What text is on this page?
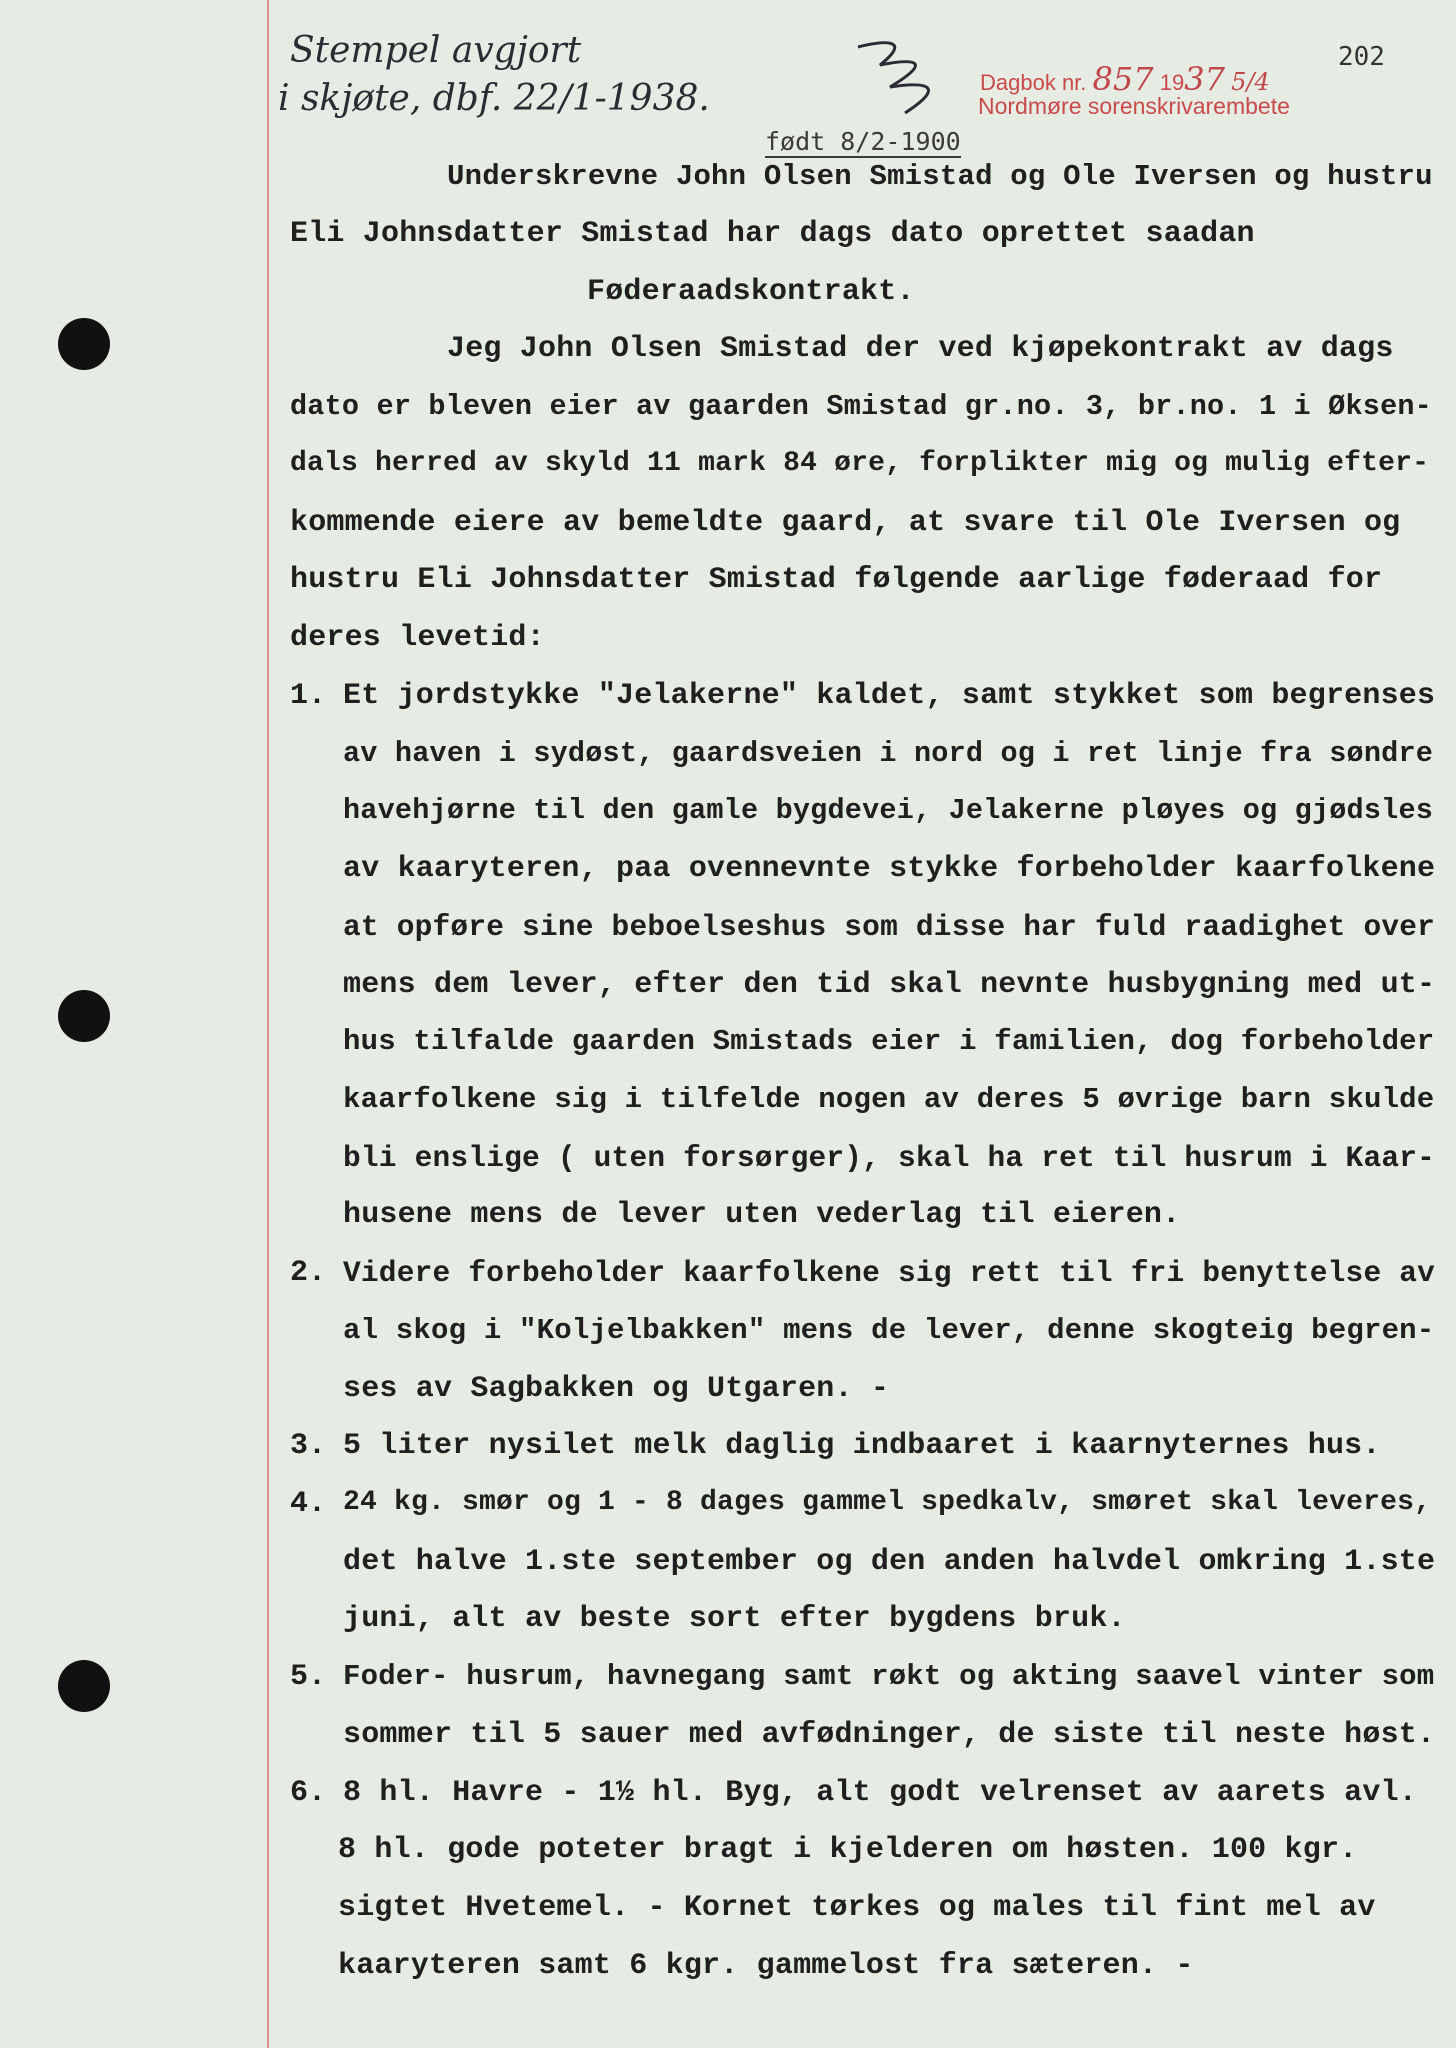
Stempel avgjort
i skjøte, dbf. 22/1-1938.	Dagbok nr. 857 1937 5/4
Nordmøre sorenskrivarembete
202
født 8/2-1900
Underskrevne John Olsen Smistad og Ole Iversen og hustru
Eli Johnsdatter Smistad har dags dato oprettet saadan
Føderaadskontrakt.
Jeg John Olsen Smistad der ved kjøpekontrakt av dags
dato er bleven eier av gaarden Smistad gr.no. 3, br.no. 1 i Øksen-
dals herred av skyld 11 mark 84 øre, forplikter mig og mulig efter-
kommende eiere av bemeldte gaard, at svare til Ole Iversen og
hustru Eli Johnsdatter Smistad følgende aarlige føderaad for
deres levetid:
1. Et jordstykke "Jelakerne" kaldet, samt stykket som begrenses
av haven i sydøst, gaardsveien i nord og i ret linje fra søndre
havehjørne til den gamle bygdevei, Jelakerne pløyes og gjødsles
av kaaryteren, paa ovennevnte stykke forbeholder kaarfolkene
at opføre sine beboelseshus som disse har fuld raadighet over
mens dem lever, efter den tid skal nevnte husbygning med ut-
hus tilfalde gaarden Smistads eier i familien, dog forbeholder
kaarfolkene sig i tilfelde nogen av deres 5 øvrige barn skulde
bli enslige ( uten forsørger), skal ha ret til husrum i Kaar-
husene mens de lever uten vederlag til eieren.
2. Videre forbeholder kaarfolkene sig rett til fri benyttelse av
al skog i "Koljelbakken" mens de lever, denne skogteig begren-
ses av Sagbakken og Utgaren. -
3. 5 liter nysilet melk daglig indbaaret i kaarnyternes hus.
4. 24 kg. smør og 1 - 8 dages gammel spedkalv, smøret skal leveres,
det halve 1.ste september og den anden halvdel omkring 1.ste
juni, alt av beste sort efter bygdens bruk.
5. Foder- husrum, havnegang samt røkt og akting saavel vinter som
sommer til 5 sauer med avfødninger, de siste til neste høst.
6. 8 hl. Havre - 1½ hl. Byg, alt godt velrenset av aarets avl.
8 hl. gode poteter bragt i kjelderen om høsten. 100 kgr.
sigtet Hvetemel. - Kornet tørkes og males til fint mel av
kaaryteren samt 6 kgr. gammelost fra sæteren. -
